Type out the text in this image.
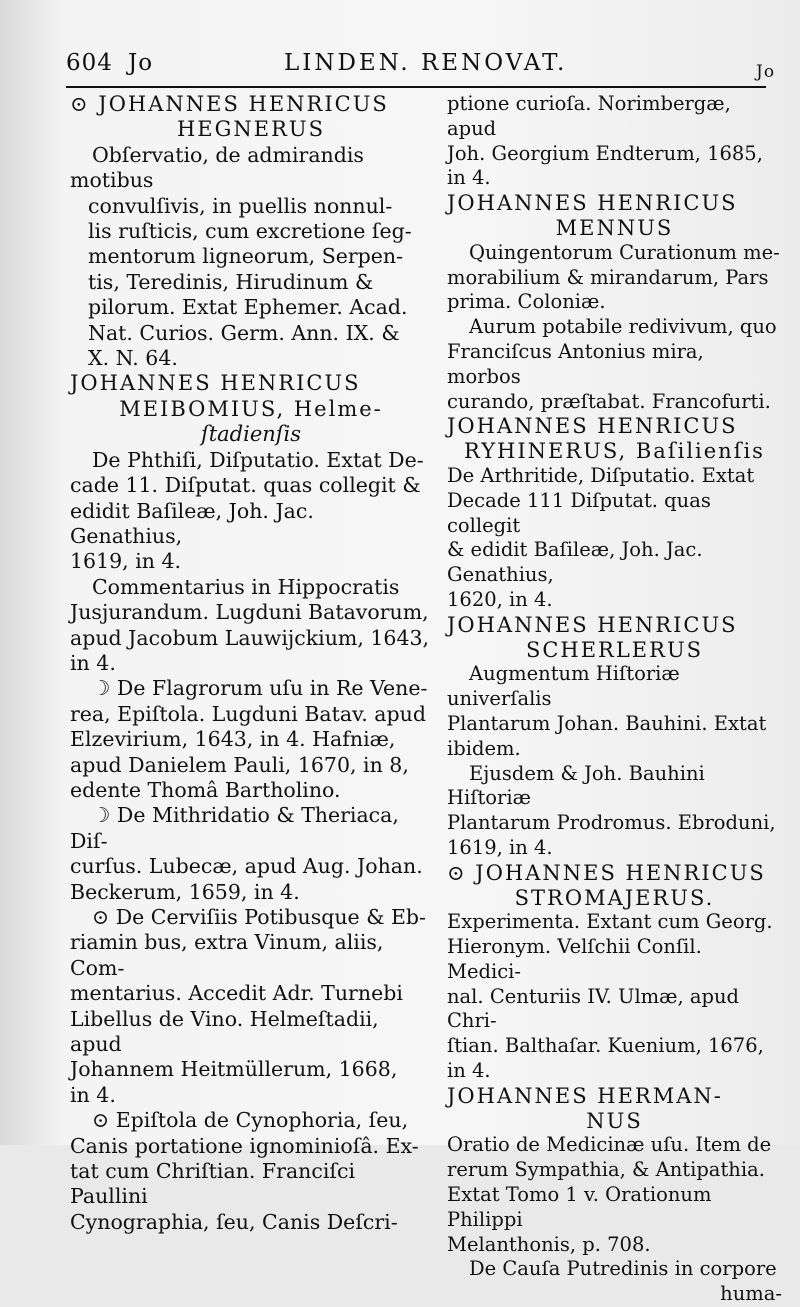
604 Jo	LINDEN. RENOVAT.	Jo
⊙ JOHANNES HENRICUS
HEGNERUS
Obſervatio, de admirandis motibus
convulſivis, in puellis nonnul-
lis ruſticis, cum excretione ſeg-
mentorum ligneorum, Serpen-
tis, Teredinis, Hirudinum &
pilorum. Extat Ephemer. Acad.
Nat. Curios. Germ. Ann. IX. &
X. N. 64.
JOHANNES HENRICUS
MEIBOMIUS, Helme-
ſtadienſis
De Phthiſi, Diſputatio. Extat De-
cade 11. Diſputat. quas collegit &
edidit Baſileæ, Joh. Jac. Genathius,
1619, in 4.
Commentarius in Hippocratis
Jusjurandum. Lugduni Batavorum,
apud Jacobum Lauwijckium, 1643,
in 4.
☽ De Flagrorum uſu in Re Vene-
rea, Epiſtola. Lugduni Batav. apud
Elzevirium, 1643, in 4. Hafniæ,
apud Danielem Pauli, 1670, in 8,
edente Thomâ Bartholino.
☽ De Mithridatio & Theriaca, Diſ-
curſus. Lubecæ, apud Aug. Johan.
Beckerum, 1659, in 4.
⊙ De Cerviſiis Potibusque & Eb-
riamin bus, extra Vinum, aliis, Com-
mentarius. Accedit Adr. Turnebi
Libellus de Vino. Helmeſtadii, apud
Johannem Heitmüllerum, 1668,
in 4.
⊙ Epiſtola de Cynophoria, ſeu,
Canis portatione ignominioſâ. Ex-
tat cum Chriſtian. Franciſci Paullini
Cynographia, ſeu, Canis Deſcri-
ptione curioſa. Norimbergæ, apud
Joh. Georgium Endterum, 1685,
in 4.
JOHANNES HENRICUS
MENNUS
Quingentorum Curationum me-
morabilium & mirandarum, Pars
prima. Coloniæ.
Aurum potabile redivivum, quo
Franciſcus Antonius mira, morbos
curando, præſtabat. Francofurti.
JOHANNES HENRICUS
RYHINERUS, Baſilienſis
De Arthritide, Diſputatio. Extat
Decade 111 Diſputat. quas collegit
& edidit Baſileæ, Joh. Jac. Genathius,
1620, in 4.
JOHANNES HENRICUS
SCHERLERUS
Augmentum Hiſtoriæ univerſalis
Plantarum Johan. Bauhini. Extat
ibidem.
Ejusdem & Joh. Bauhini Hiſtoriæ
Plantarum Prodromus. Ebroduni,
1619, in 4.
⊙ JOHANNES HENRICUS
STROMAJERUS.
Experimenta. Extant cum Georg.
Hieronym. Velſchii Conſil. Medici-
nal. Centuriis IV. Ulmæ, apud Chri-
ſtian. Balthaſar. Kuenium, 1676, in 4.
JOHANNES HERMAN-
NUS
Oratio de Medicinæ uſu. Item de
rerum Sympathia, & Antipathia.
Extat Tomo 1 v. Orationum Philippi
Melanthonis, p. 708.
De Cauſa Putredinis in corpore
huma-
